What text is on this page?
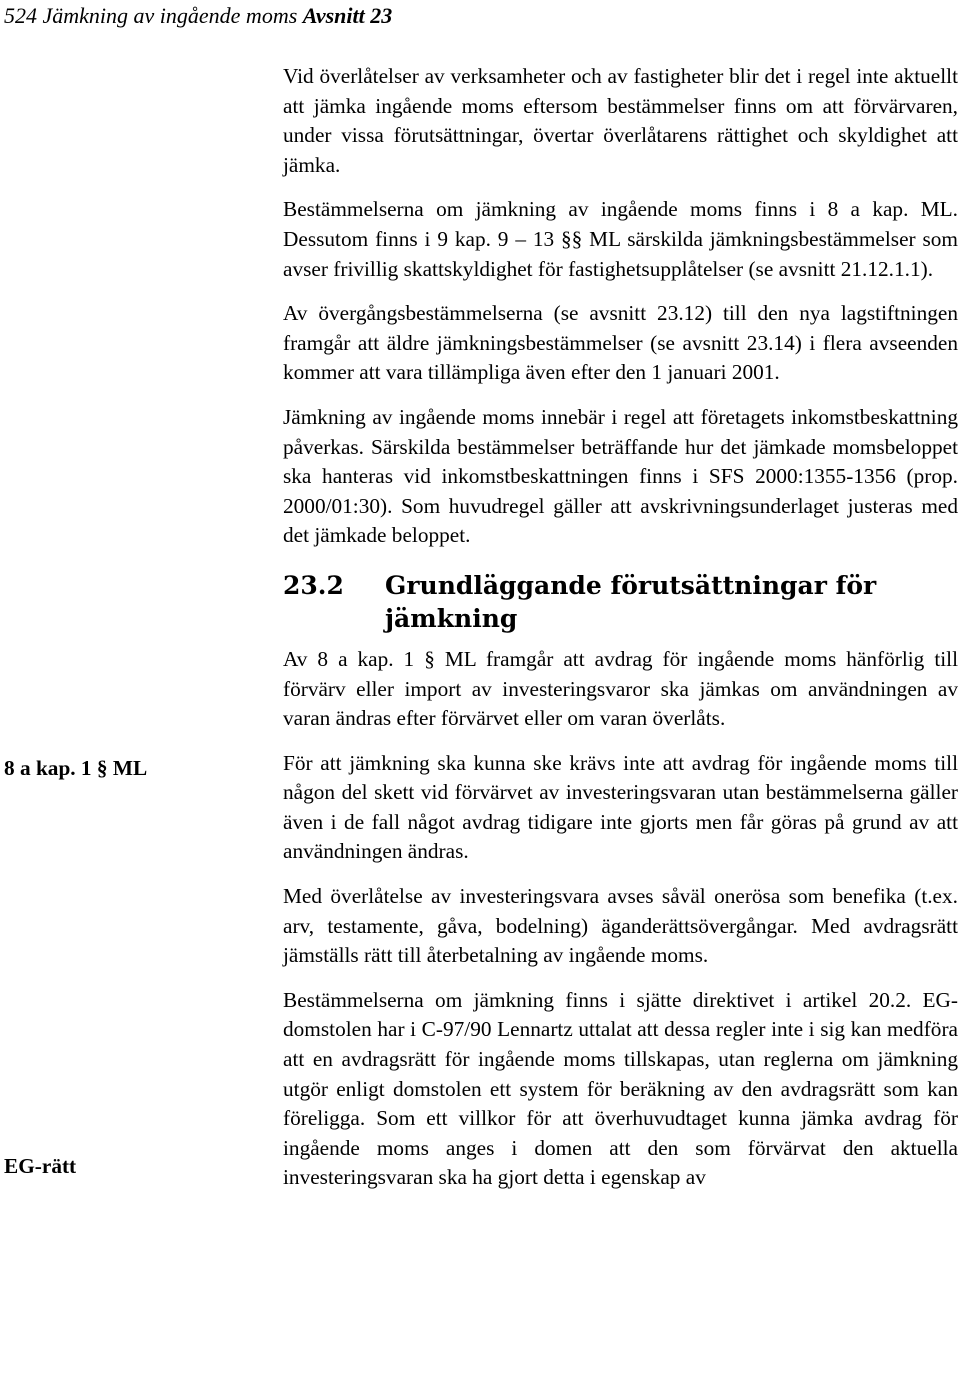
524 Jämkning av ingående moms Avsnitt 23

Vid överlåtelser av verksamheter och av fastigheter blir det i regel inte aktuellt att jämka ingående moms eftersom bestämmelser finns om att förvärvaren, under vissa förutsättningar, övertar överlåtarens rättighet och skyldighet att jämka.

Bestämmelserna om jämkning av ingående moms finns i 8 a kap. ML. Dessutom finns i 9 kap. 9 – 13 §§ ML särskilda jämkningsbestämmelser som avser frivillig skattskyldighet för fastighetsupplåtelser (se avsnitt 21.12.1.1).

Av övergångsbestämmelserna (se avsnitt 23.12) till den nya lagstiftningen framgår att äldre jämkningsbestämmelser (se avsnitt 23.14) i flera avseenden kommer att vara tillämpliga även efter den 1 januari 2001.

Jämkning av ingående moms innebär i regel att företagets inkomstbeskattning påverkas. Särskilda bestämmelser beträffande hur det jämkade momsbeloppet ska hanteras vid inkomstbeskattningen finns i SFS 2000:1355-1356 (prop. 2000/01:30). Som huvudregel gäller att avskrivningsunderlaget justeras med det jämkade beloppet.

23.2	Grundläggande förutsättningar för jämkning

Av 8 a kap. 1 § ML framgår att avdrag för ingående moms hänförlig till förvärv eller import av investeringsvaror ska jämkas om användningen av varan ändras efter förvärvet eller om varan överlåts.

För att jämkning ska kunna ske krävs inte att avdrag för ingående moms till någon del skett vid förvärvet av investeringsvaran utan bestämmelserna gäller även i de fall något avdrag tidigare inte gjorts men får göras på grund av att användningen ändras.

Med överlåtelse av investeringsvara avses såväl onerösa som benefika (t.ex. arv, testamente, gåva, bodelning) äganderättsövergångar. Med avdragsrätt jämställs rätt till återbetalning av ingående moms.

Bestämmelserna om jämkning finns i sjätte direktivet i artikel 20.2. EG-domstolen har i C-97/90 Lennartz uttalat att dessa regler inte i sig kan medföra att en avdragsrätt för ingående moms tillskapas, utan reglerna om jämkning utgör enligt domstolen ett system för beräkning av den avdragsrätt som kan föreligga. Som ett villkor för att överhuvudtaget kunna jämka avdrag för ingående moms anges i domen att den som förvärvat den aktuella investeringsvaran ska ha gjort detta i egenskap av

8 a kap. 1 § ML
EG-rätt
